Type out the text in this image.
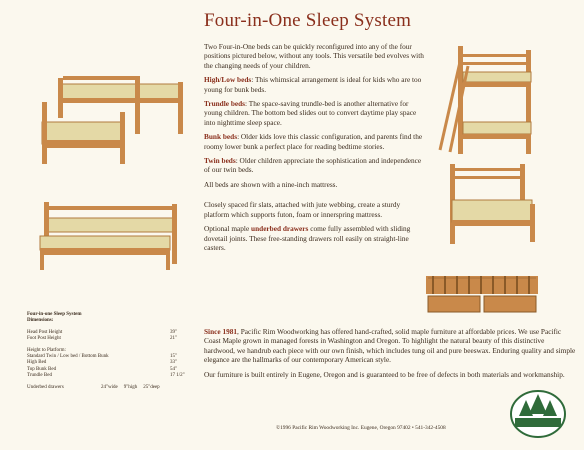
Four-in-One Sleep System

Two Four-in-One beds can be quickly reconfigured into any of the four positions pictured below, without any tools. This versatile bed evolves with the changing needs of your children.

High/Low beds: This whimsical arrangement is ideal for kids who are too young for bunk beds.

Trundle beds: The space-saving trundle-bed is another alternative for young children. The bottom bed slides out to convert daytime play space into nighttime sleep space.

Bunk beds: Older kids love this classic configuration, and parents find the roomy lower bunk a perfect place for reading bedtime stories.

Twin beds: Older children appreciate the sophistication and independence of our twin beds.

All beds are shown with a nine-inch mattress.

Closely spaced fir slats, attached with jute webbing, create a sturdy platform which supports futon, foam or innerspring mattress.

Optional maple underbed drawers come fully assembled with sliding dovetail joints. These free-standing drawers roll easily on straight-line casters.

Since 1981, Pacific Rim Woodworking has offered hand-crafted, solid maple furniture at affordable prices. We use Pacific Coast Maple grown in managed forests in Washington and Oregon. To highlight the natural beauty of this distinctive hardwood, we handrub each piece with our own finish, which includes tung oil and pure beeswax. Enduring quality and simple elegance are the hallmarks of our contemporary American style.

Our furniture is built entirely in Eugene, Oregon and is guaranteed to be free of defects in both materials and workmanship.

©1996 Pacific Rim Woodworking Inc. Eugene, Oregon 97402 • 541-342-4508
Four-in-one Sleep System
Dimensions:
Head Post Height	39"
Foot Post Height	21"
Height to Platform:
Standard Twin / Low bed / Bottom Bunk	15"
High Bed	33"
Top Bunk Bed	54"
Trundle Bed	17 1/2"
Underbed drawers	24"wide 9"high 25"deep
